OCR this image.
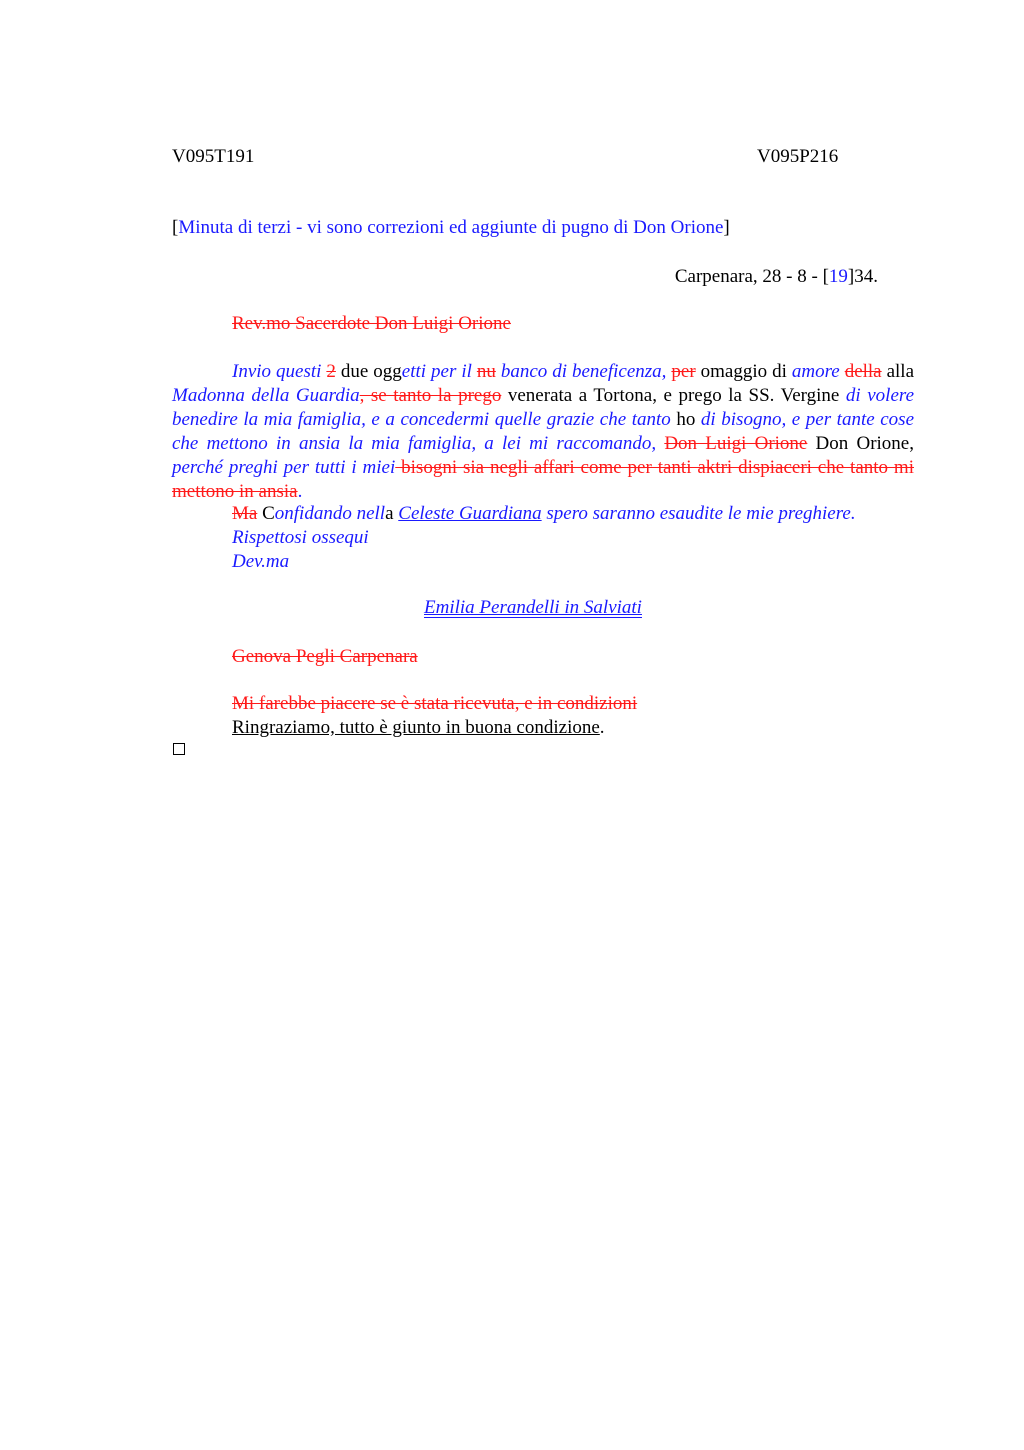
V095T191	V095P216
[Minuta di terzi - vi sono correzioni ed aggiunte di pugno di Don Orione]
Carpenara, 28 - 8 - [19]34.
Rev.mo Sacerdote Don Luigi Orione

Invio questi 2 due oggetti per il nu banco di beneficenza, per omaggio di amore della alla Madonna della Guardia, se tanto la prego venerata a Tortona, e prego la SS. Vergine di volere benedire la mia famiglia, e a concedermi quelle grazie che tanto ho di bisogno, e per tante cose che mettono in ansia la mia famiglia, a lei mi raccomando, Don Luigi Orione Don Orione, perché preghi per tutti i miei bisogni sia negli affari come per tanti aktri dispiaceri che tanto mi mettono in ansia.

Ma Confidando nella Celeste Guardiana spero saranno esaudite le mie preghiere.
Rispettosi ossequi
Dev.ma
Emilia Perandelli in Salviati
Genova Pegli Carpenara
Mi farebbe piacere se è stata ricevuta, e in condizioni
Ringraziamo, tutto è giunto in buona condizione.
